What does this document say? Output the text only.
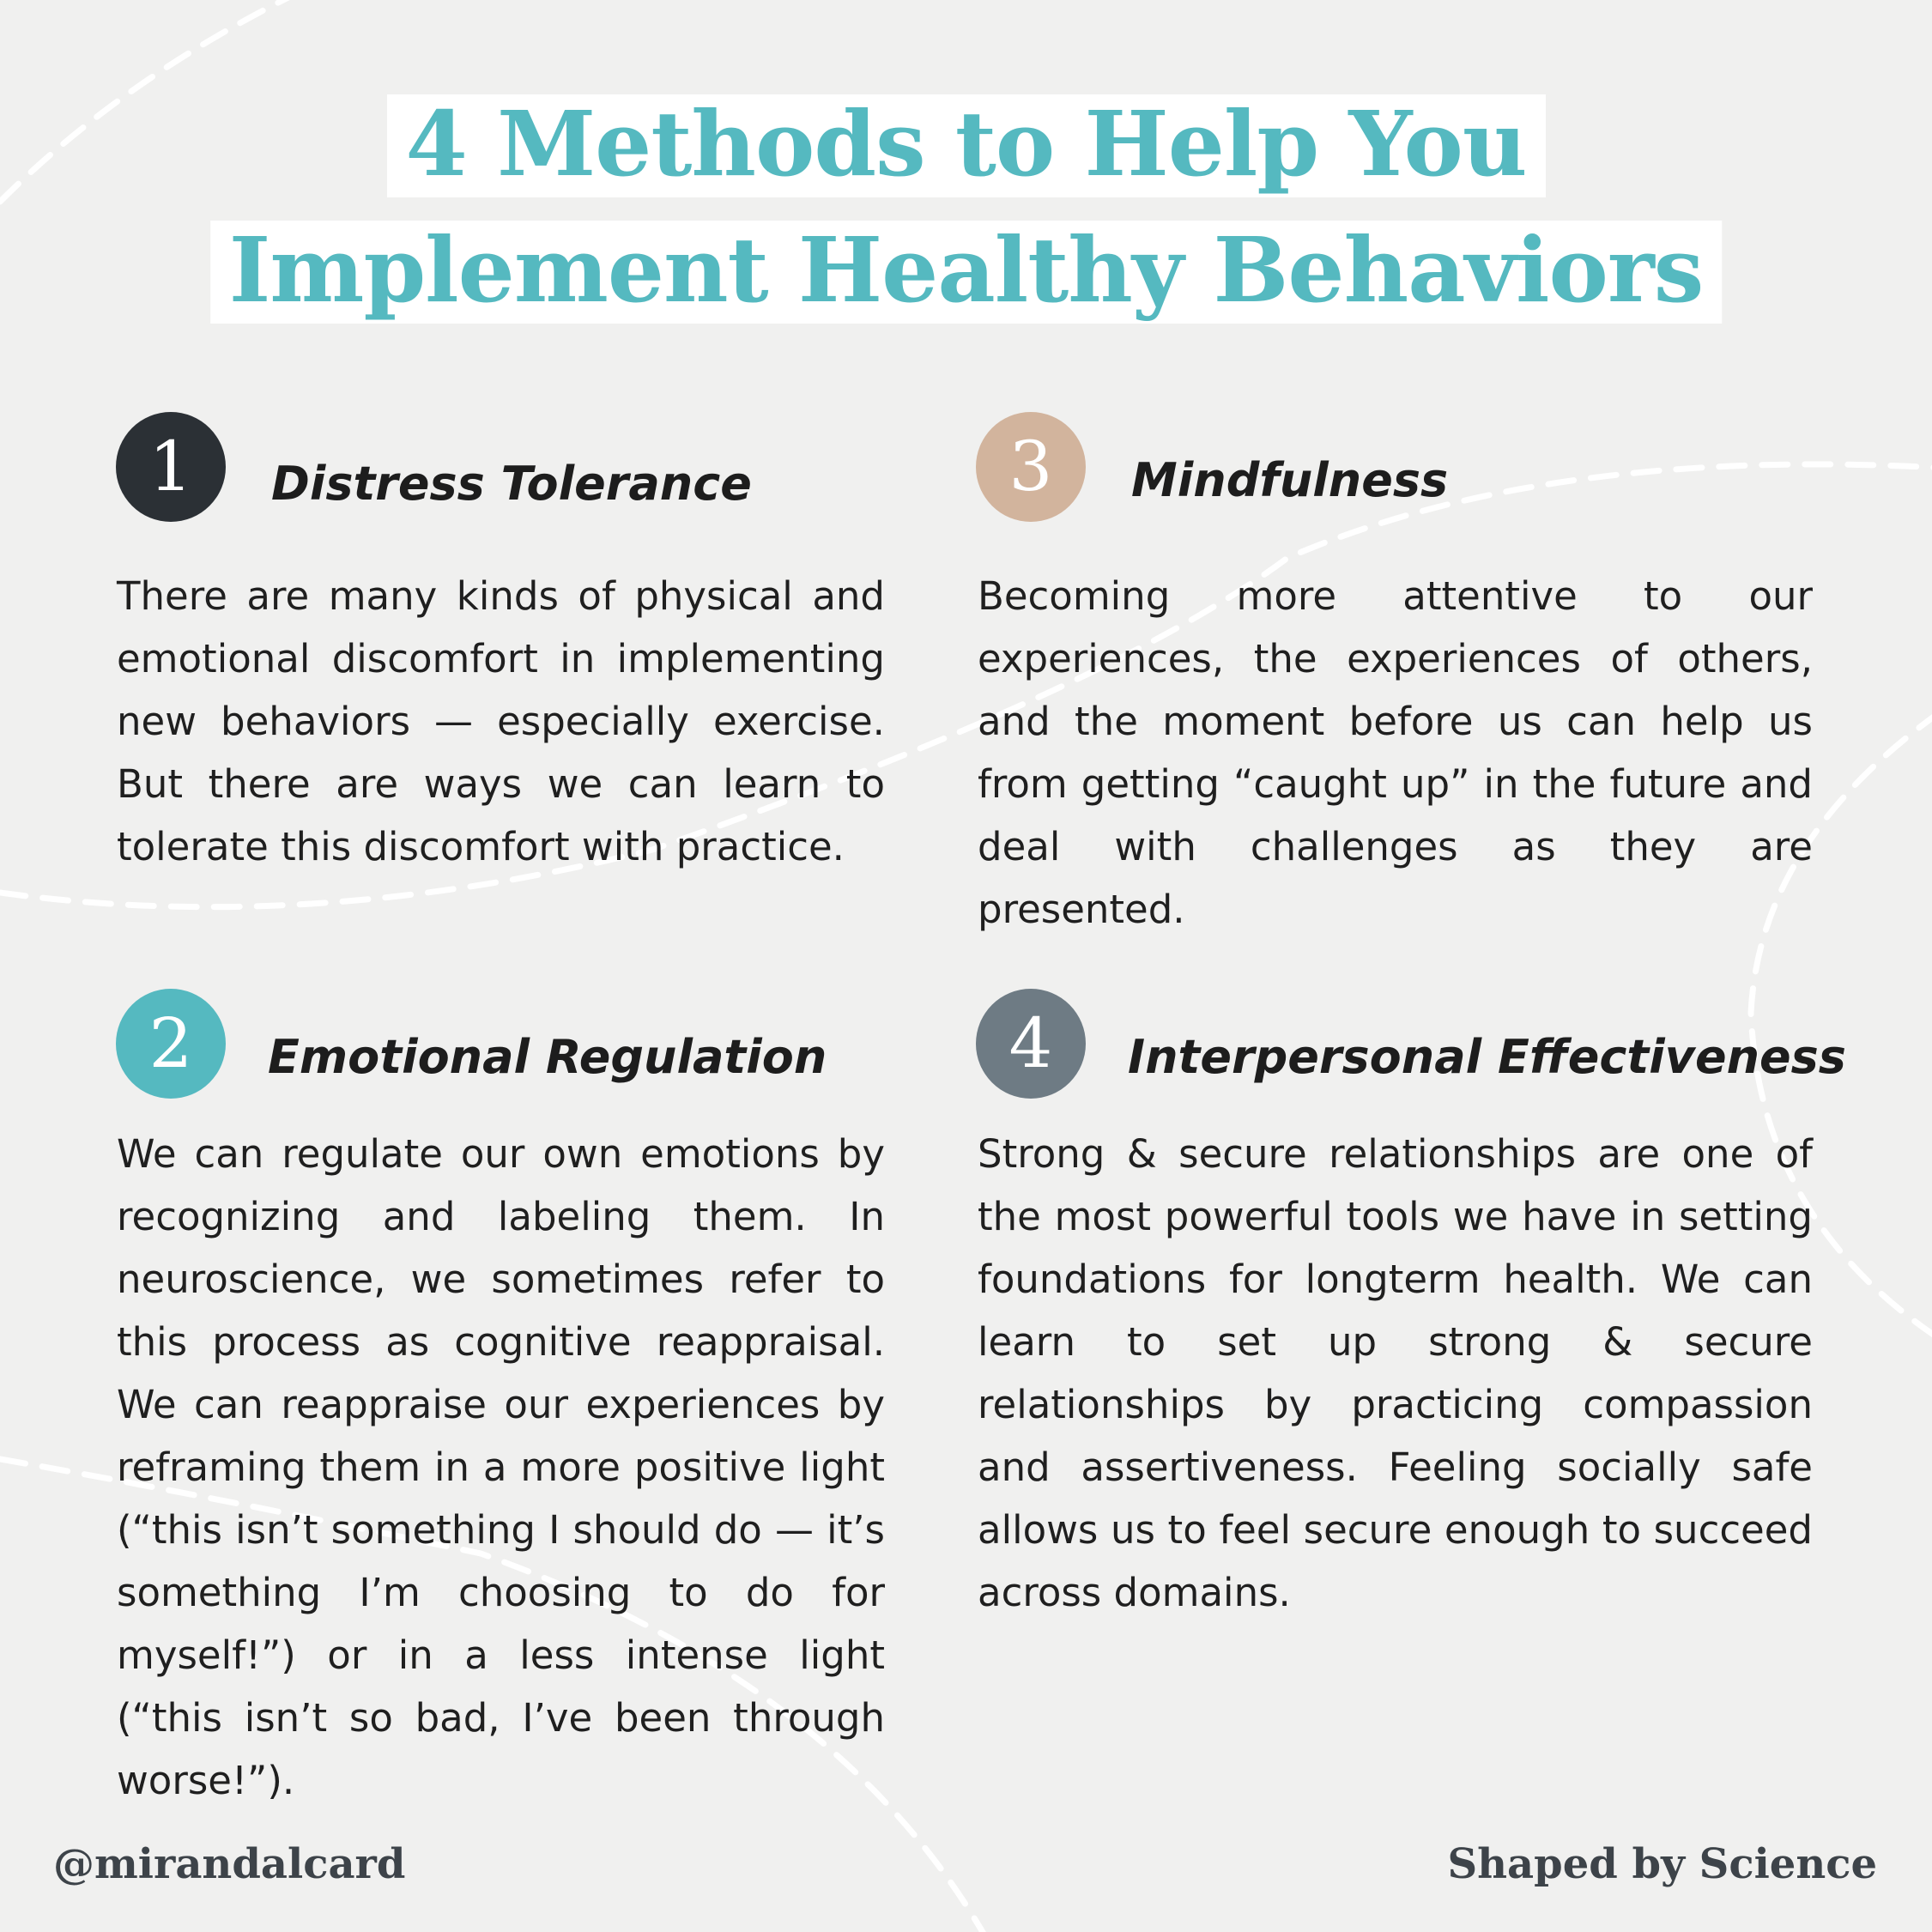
4 Methods to Help You
Implement Healthy Behaviors
1	Distress Tolerance

There are many kinds of physical and emotional discomfort in implementing new behaviors — especially exercise. But there are ways we can learn to tolerate this discomfort with practice.

3	Mindfulness

Becoming more attentive to our experiences, the experiences of others, and the moment before us can help us from getting “caught up” in the future and deal with challenges as they are presented.

2	Emotional Regulation

We can regulate our own emotions by recognizing and labeling them. In neuroscience, we sometimes refer to this process as cognitive reappraisal. We can reappraise our experiences by reframing them in a more positive light (“this isn’t something I should do — it’s something I’m choosing to do for myself!”) or in a less intense light (“this isn’t so bad, I’ve been through worse!”).

4	Interpersonal Effectiveness

Strong & secure relationships are one of the most powerful tools we have in setting foundations for longterm health. We can learn to set up strong & secure relationships by practicing compassion and assertiveness. Feeling socially safe allows us to feel secure enough to succeed across domains.

@mirandalcard	Shaped by Science
